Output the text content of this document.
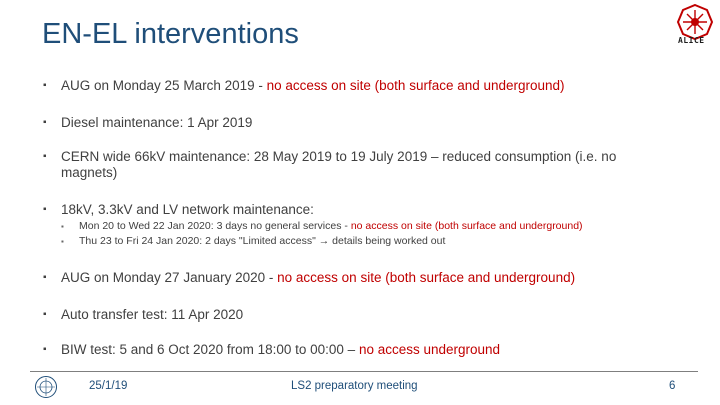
EN-EL interventions	ALICE
▪	AUG on Monday 25 March 2019 - no access on site (both surface and underground)
▪	Diesel maintenance: 1 Apr 2019
▪	CERN wide 66kV maintenance: 28 May 2019 to 19 July 2019 – reduced consumption (i.e. no magnets)
▪	18kV, 3.3kV and LV network maintenance:
▪	Mon 20 to Wed 22 Jan 2020: 3 days no general services - no access on site (both surface and underground)
▪	Thu 23 to Fri 24 Jan 2020: 2 days "Limited access" → details being worked out
▪	AUG on Monday 27 January 2020 - no access on site (both surface and underground)
▪	Auto transfer test: 11 Apr 2020
▪	BIW test: 5 and 6 Oct 2020 from 18:00 to 00:00 – no access underground
25/1/19	LS2 preparatory meeting	6
